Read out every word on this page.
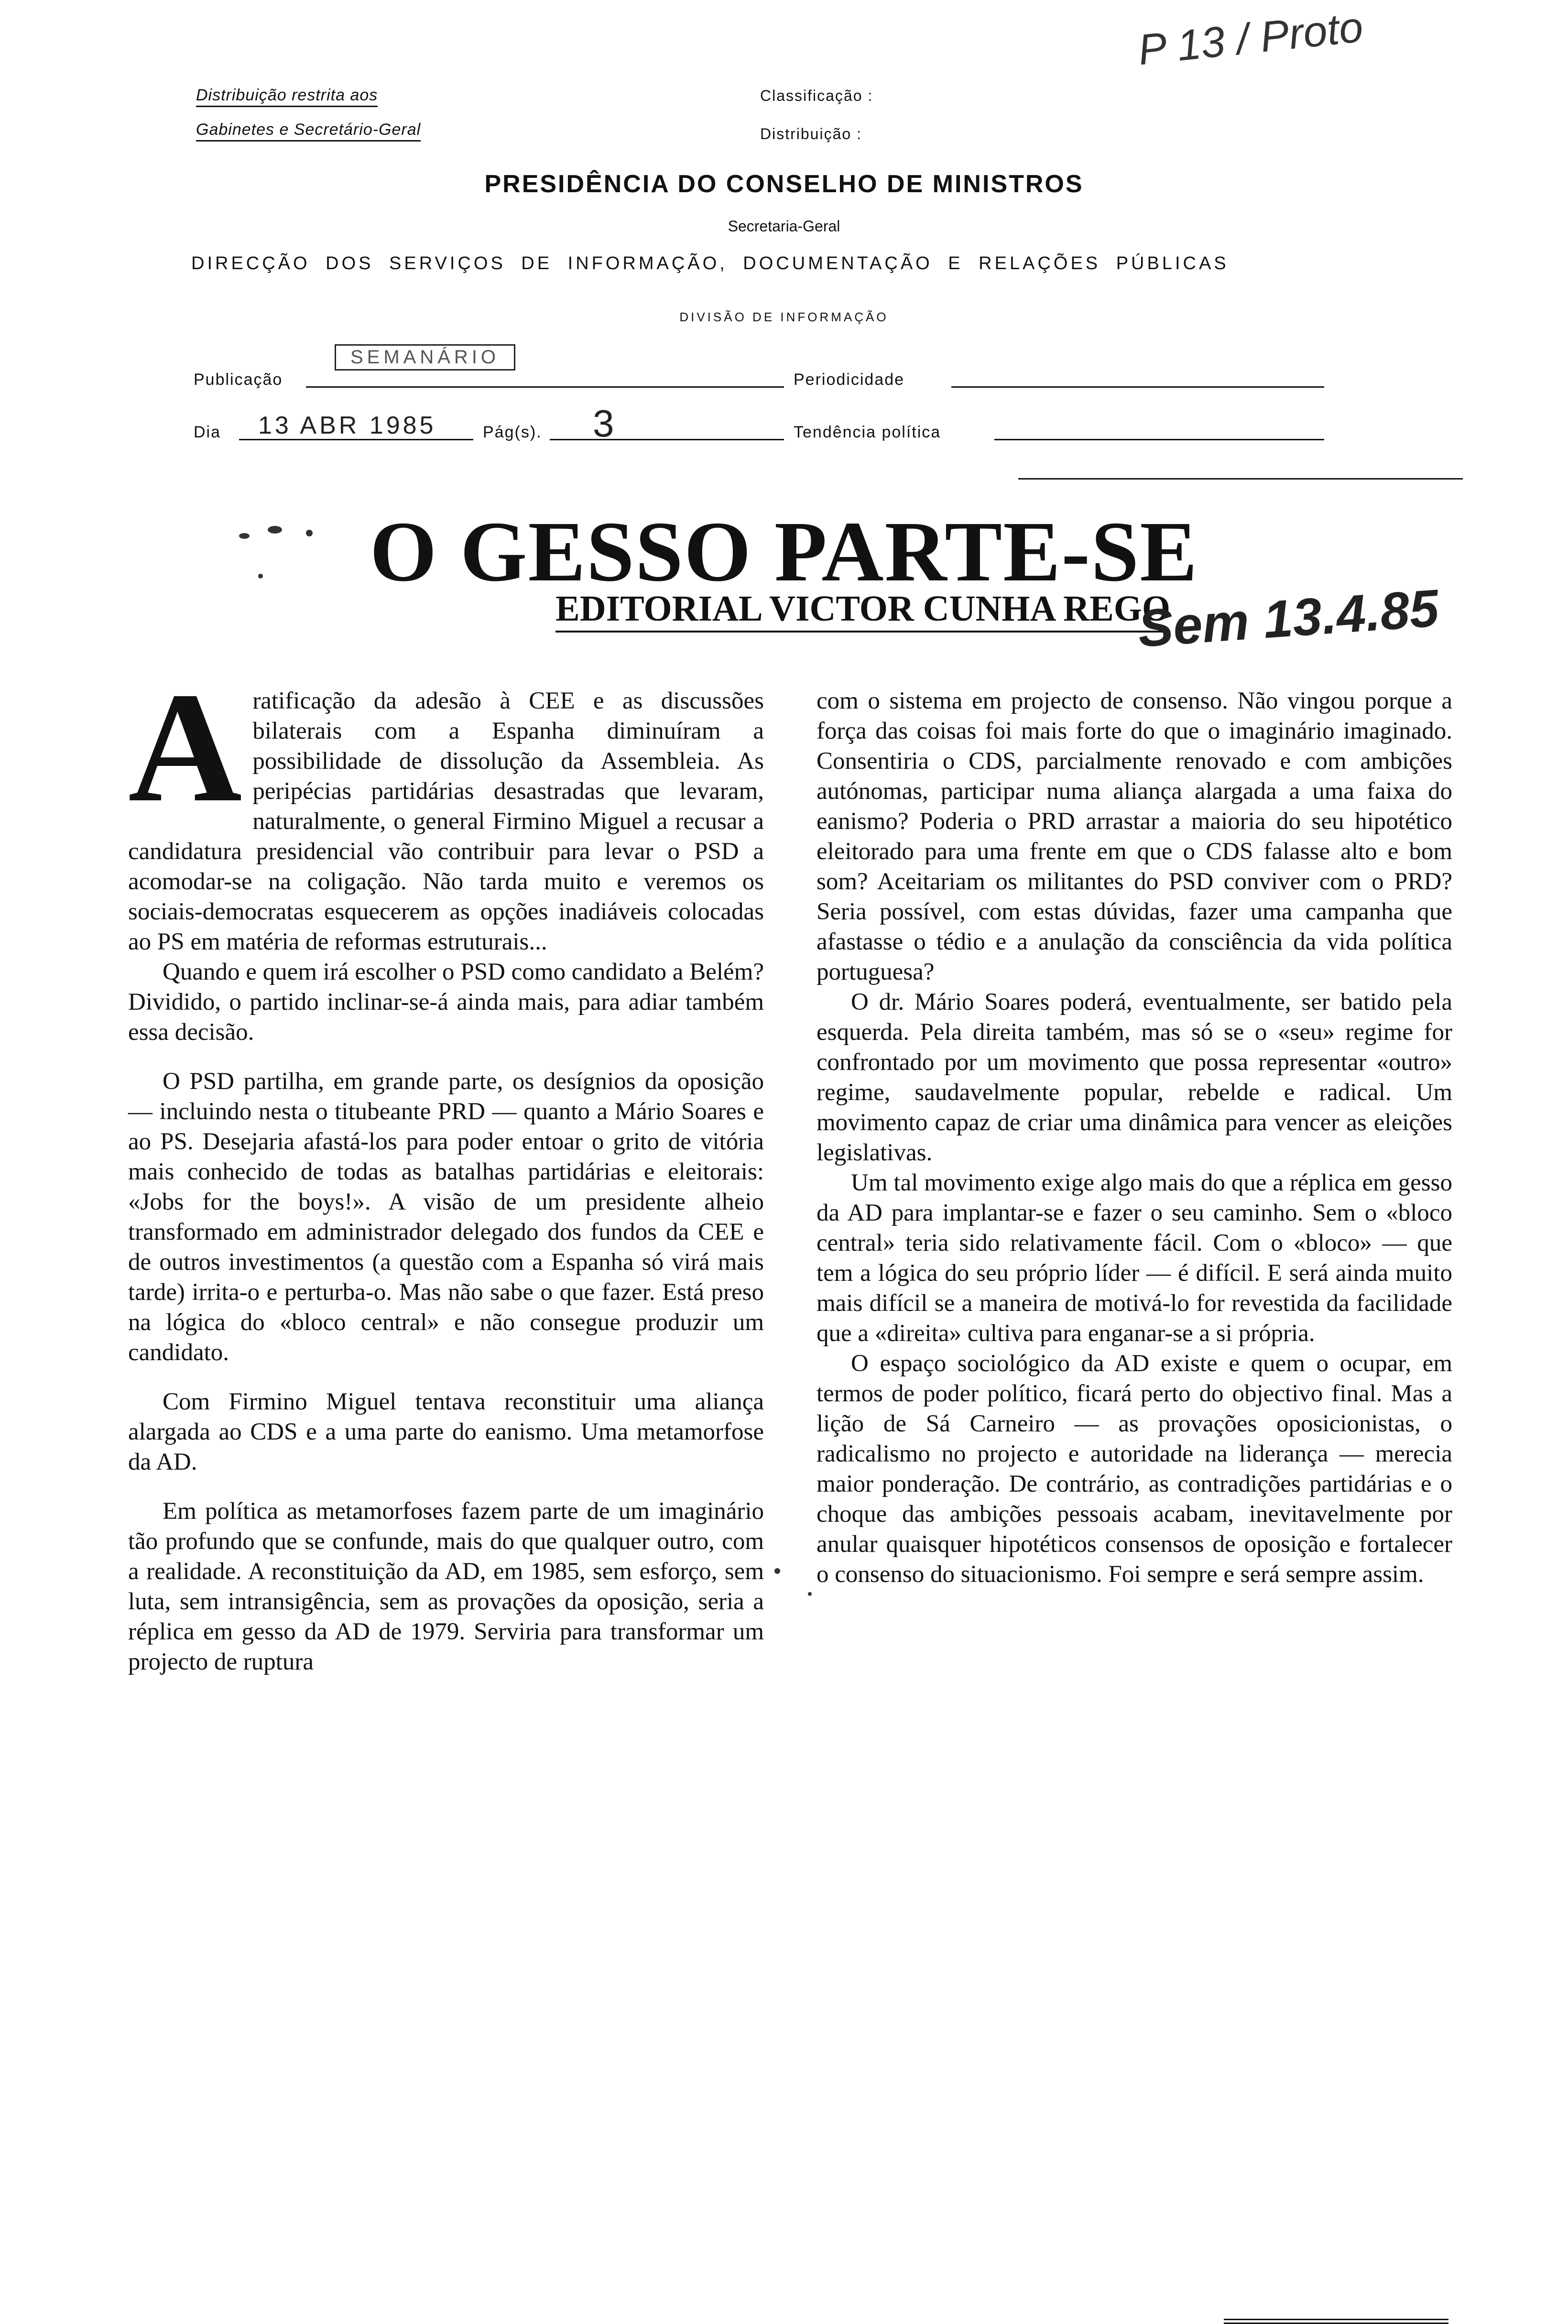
Distribuição restrita aos
Gabinetes e Secretário-Geral
Classificação :
Distribuição :
P 13 / Proto
PRESIDÊNCIA DO CONSELHO DE MINISTROS
Secretaria-Geral
DIRECÇÃO DOS SERVIÇOS DE INFORMAÇÃO, DOCUMENTAÇÃO E RELAÇÕES PÚBLICAS
DIVISÃO DE INFORMAÇÃO
Publicação
SEMANÁRIO
Periodicidade
Dia 13 ABR 1985	Pág(s). 3	Tendência política
O GESSO PARTE-SE
EDITORIAL VICTOR CUNHA REGO
Sem 13.4.85
A ratificação da adesão à CEE e as discussões bilaterais com a Espanha diminuíram a possibilidade de dissolução da Assembleia. As peripécias partidárias desastradas que levaram, naturalmente, o general Firmino Miguel a recusar a candidatura presidencial vão contribuir para levar o PSD a acomodar-se na coligação. Não tarda muito e veremos os sociais-democratas esquecerem as opções inadiáveis colocadas ao PS em matéria de reformas estruturais...

Quando e quem irá escolher o PSD como candidato a Belém? Dividido, o partido inclinar-se-á ainda mais, para adiar também essa decisão.

O PSD partilha, em grande parte, os desígnios da oposição — incluindo nesta o titubeante PRD — quanto a Mário Soares e ao PS. Desejaria afastá-los para poder entoar o grito de vitória mais conhecido de todas as batalhas partidárias e eleitorais: «Jobs for the boys!». A visão de um presidente alheio transformado em administrador delegado dos fundos da CEE e de outros investimentos (a questão com a Espanha só virá mais tarde) irrita-o e perturba-o. Mas não sabe o que fazer. Está preso na lógica do «bloco central» e não consegue produzir um candidato.

Com Firmino Miguel tentava reconstituir uma aliança alargada ao CDS e a uma parte do eanismo. Uma metamorfose da AD.

Em política as metamorfoses fazem parte de um imaginário tão profundo que se confunde, mais do que qualquer outro, com a realidade. A reconstituição da AD, em 1985, sem esforço, sem luta, sem intransigência, sem as provações da oposição, seria a réplica em gesso da AD de 1979. Serviria para transformar um projecto de ruptura

com o sistema em projecto de consenso. Não vingou porque a força das coisas foi mais forte do que o imaginário imaginado. Consentiria o CDS, parcialmente renovado e com ambições autónomas, participar numa aliança alargada a uma faixa do eanismo? Poderia o PRD arrastar a maioria do seu hipotético eleitorado para uma frente em que o CDS falasse alto e bom som? Aceitariam os militantes do PSD conviver com o PRD? Seria possível, com estas dúvidas, fazer uma campanha que afastasse o tédio e a anulação da consciência da vida política portuguesa?

O dr. Mário Soares poderá, eventualmente, ser batido pela esquerda. Pela direita também, mas só se o «seu» regime for confrontado por um movimento que possa representar «outro» regime, saudavelmente popular, rebelde e radical. Um movimento capaz de criar uma dinâmica para vencer as eleições legislativas.

Um tal movimento exige algo mais do que a réplica em gesso da AD para implantar-se e fazer o seu caminho. Sem o «bloco central» teria sido relativamente fácil. Com o «bloco» — que tem a lógica do seu próprio líder — é difícil. E será ainda muito mais difícil se a maneira de motivá-lo for revestida da facilidade que a «direita» cultiva para enganar-se a si própria.

O espaço sociológico da AD existe e quem o ocupar, em termos de poder político, ficará perto do objectivo final. Mas a lição de Sá Carneiro — as provações oposicionistas, o radicalismo no projecto e autoridade na liderança — merecia maior ponderação. De contrário, as contradições partidárias e o choque das ambições pessoais acabam, inevitavelmente por anular quaisquer hipotéticos consensos de oposição e fortalecer o consenso do situacionismo. Foi sempre e será sempre assim.
